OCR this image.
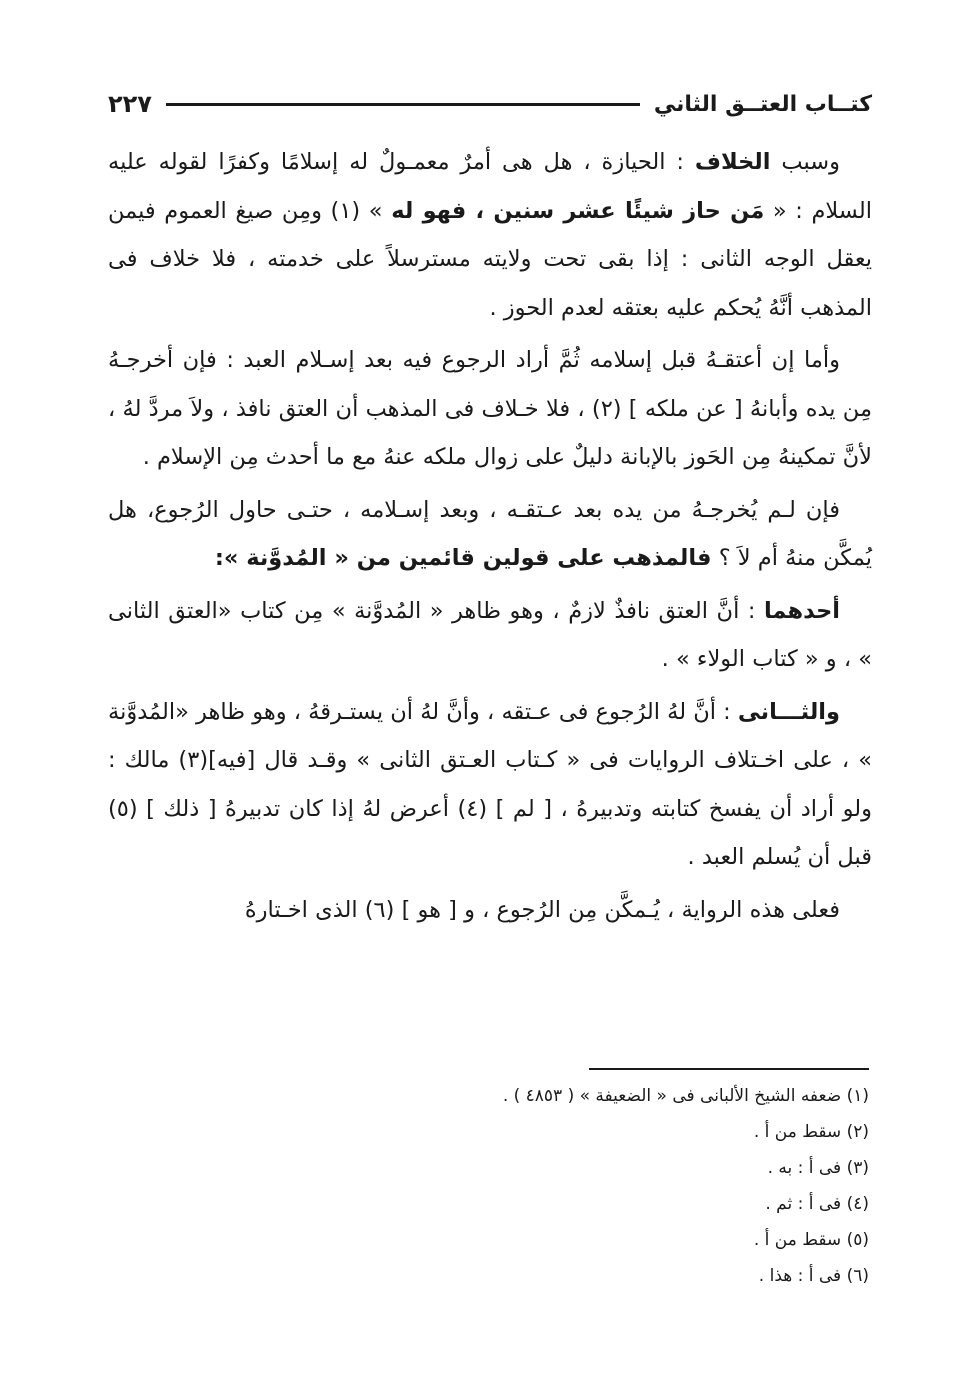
كتــاب العتــق الثاني
٢٢٧

وسبب الخلاف : الحيازة ، هل هى أمرٌ معمـولٌ له إسلامًا وكفرًا لقوله عليه السلام : « مَن حاز شيئًا عشر سنين ، فهو له » (١) ومِن صيغ العموم فيمن يعقل الوجه الثانى : إذا بقى تحت ولايته مسترسلاً على خدمته ، فلا خلاف فى المذهب أنَّهُ يُحكم عليه بعتقه لعدم الحوز .

وأما إن أعتقـهُ قبل إسلامه ثُمَّ أراد الرجوع فيه بعد إسـلام العبد : فإن أخرجـهُ مِن يده وأبانهُ [ عن ملكه ] (٢) ، فلا خـلاف فى المذهب أن العتق نافذ ، ولاَ مردَّ لهُ ، لأنَّ تمكينهُ مِن الحَوز بالإبانة دليلٌ على زوال ملكه عنهُ مع ما أحدث مِن الإسلام .

فإن لـم يُخرجـهُ من يده بعد عـتقـه ، وبعد إسـلامه ، حتـى حاول الرُجوع، هل يُمكَّن منهُ أم لاَ ؟ فالمذهب على قولين قائمين من « المُدوَّنة »:

أحدهما : أنَّ العتق نافذٌ لازمٌ ، وهو ظاهر « المُدوَّنة » مِن كتاب «العتق الثانى » ، و « كتاب الولاء » .

والثـــانى : أنَّ لهُ الرُجوع فى عـتقه ، وأنَّ لهُ أن يستـرقهُ ، وهو ظاهر «المُدوَّنة » ، على اخـتلاف الروايات فى « كـتاب العـتق الثانى » وقـد قال [فيه](٣) مالك : ولو أراد أن يفسخ كتابته وتدبيرهُ ، [ لم ] (٤) أعرض لهُ إذا كان تدبيرهُ [ ذلك ] (٥) قبل أن يُسلم العبد .

فعلى هذه الرواية ، يُـمكَّن مِن الرُجوع ، و [ هو ] (٦) الذى اخـتارهُ

(١) ضعفه الشيخ الألبانى فى « الضعيفة » ( ٤٨٥٣ ) .
(٢) سقط من أ .
(٣) فى أ : به .
(٤) فى أ : ثم .
(٥) سقط من أ .
(٦) فى أ : هذا .
